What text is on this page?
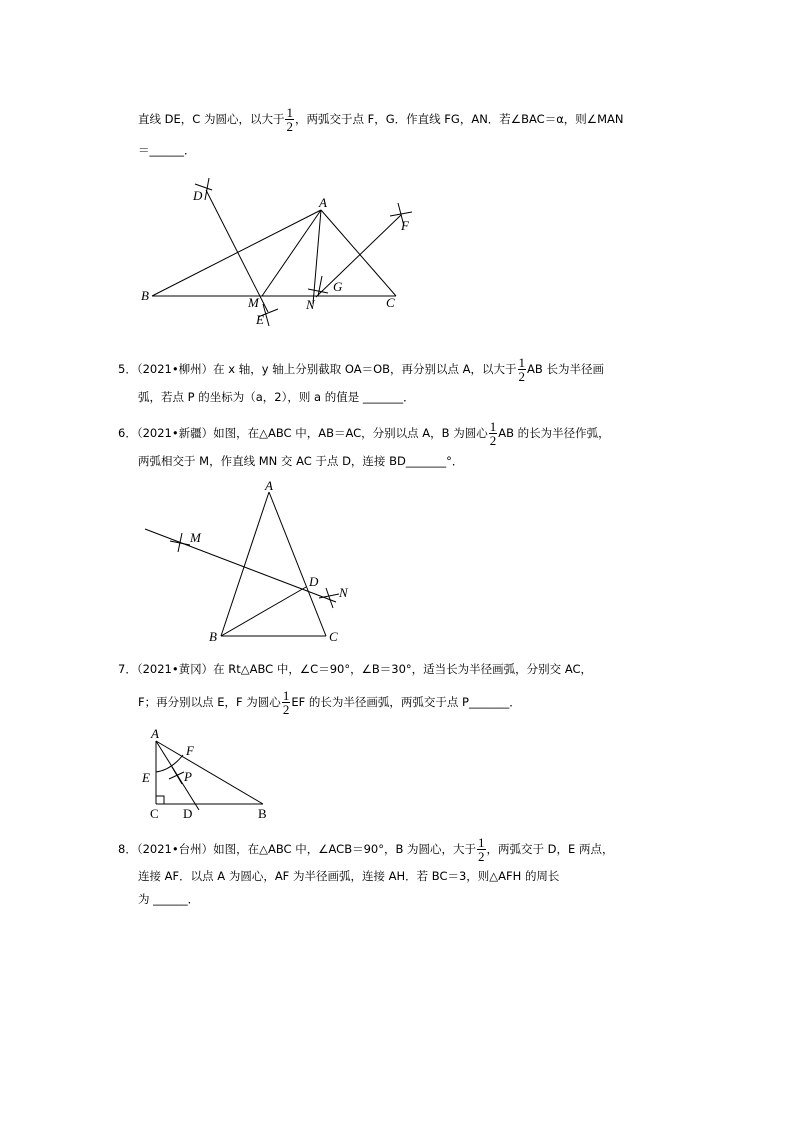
直线 DE，C 为圆心，以大于 $\frac{1}{2}$ ，两弧交于点 F，G．作直线 FG，AN．若∠BAC＝α，则∠MAN
＝______．
D	A
F
G
B	M	N	C
E
5．（2021•柳州）在 x 轴，y 轴上分别截取 OA＝OB，再分别以点 A，以大于 $\frac{1}{2}$ AB 长为半径画
弧，若点 P 的坐标为（a，2），则 a 的值是 _______．
6．（2021•新疆）如图，在△ABC 中，AB＝AC，分别以点 A，B 为圆心 $\frac{1}{2}$ AB 的长为半径作弧，
两弧相交于 M，作直线 MN 交 AC 于点 D，连接 BD_______°．
A
M
D
N
B	C
7．（2021•黄冈）在 Rt△ABC 中，∠C＝90°，∠B＝30°，适当长为半径画弧，分别交 AC，
F；再分别以点 E，F 为圆心 $\frac{1}{2}$ EF 的长为半径画弧，两弧交于点 P_______．
A
F
E	P
C D	B
8．（2021•台州）如图，在△ABC 中，∠ACB＝90°，B 为圆心，大于 $\frac{1}{2}$ ，两弧交于 D，E 两点，
连接 AF．以点 A 为圆心，AF 为半径画弧，连接 AH．若 BC＝3，则△AFH 的周长
为 ______．
